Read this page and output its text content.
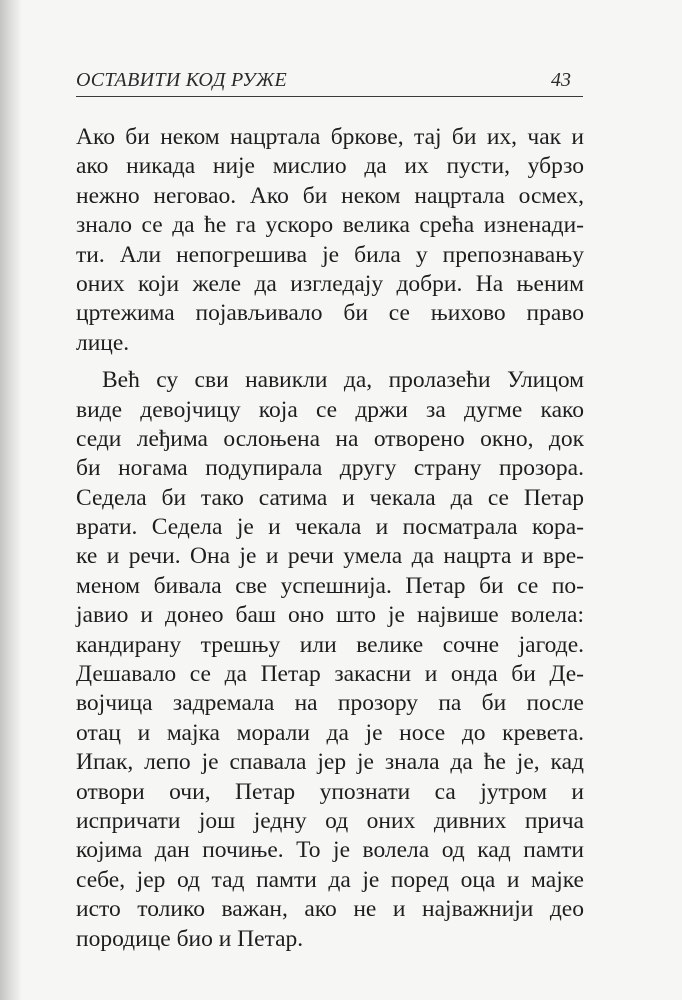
ОСТАВИТИ КОД РУЖЕ	43
Ако би неком нацртала бркове, тај би их, чак и
ако никада није мислио да их пусти, убрзо
нежно неговао. Ако би неком нацртала осмех,
знало се да ће га ускоро велика срећа изненади-
ти. Али непогрешива је била у препознавању
оних који желе да изгледају добри. На њеним
цртежима појављивало би се њихово право
лице.
Већ су сви навикли да, пролазећи Улицом
виде девојчицу која се држи за дугме како
седи леђима ослоњена на отворено окно, док
би ногама подупирала другу страну прозора.
Седела би тако сатима и чекала да се Петар
врати. Седела је и чекала и посматрала кора-
ке и речи. Она је и речи умела да нацрта и вре-
меном бивала све успешнија. Петар би се по-
јавио и донео баш оно што је највише волела:
кандирану трешњу или велике сочне јагоде.
Дешавало се да Петар закасни и онда би Де-
војчица задремала на прозору па би после
отац и мајка морали да је носе до кревета.
Ипак, лепо је спавала јер је знала да ће је, кад
отвори очи, Петар упознати са јутром и
испричати још једну од оних дивних прича
којима дан почиње. То је волела од кад памти
себе, јер од тад памти да је поред оца и мајке
исто толико важан, ако не и најважнији део
породице био и Петар.
